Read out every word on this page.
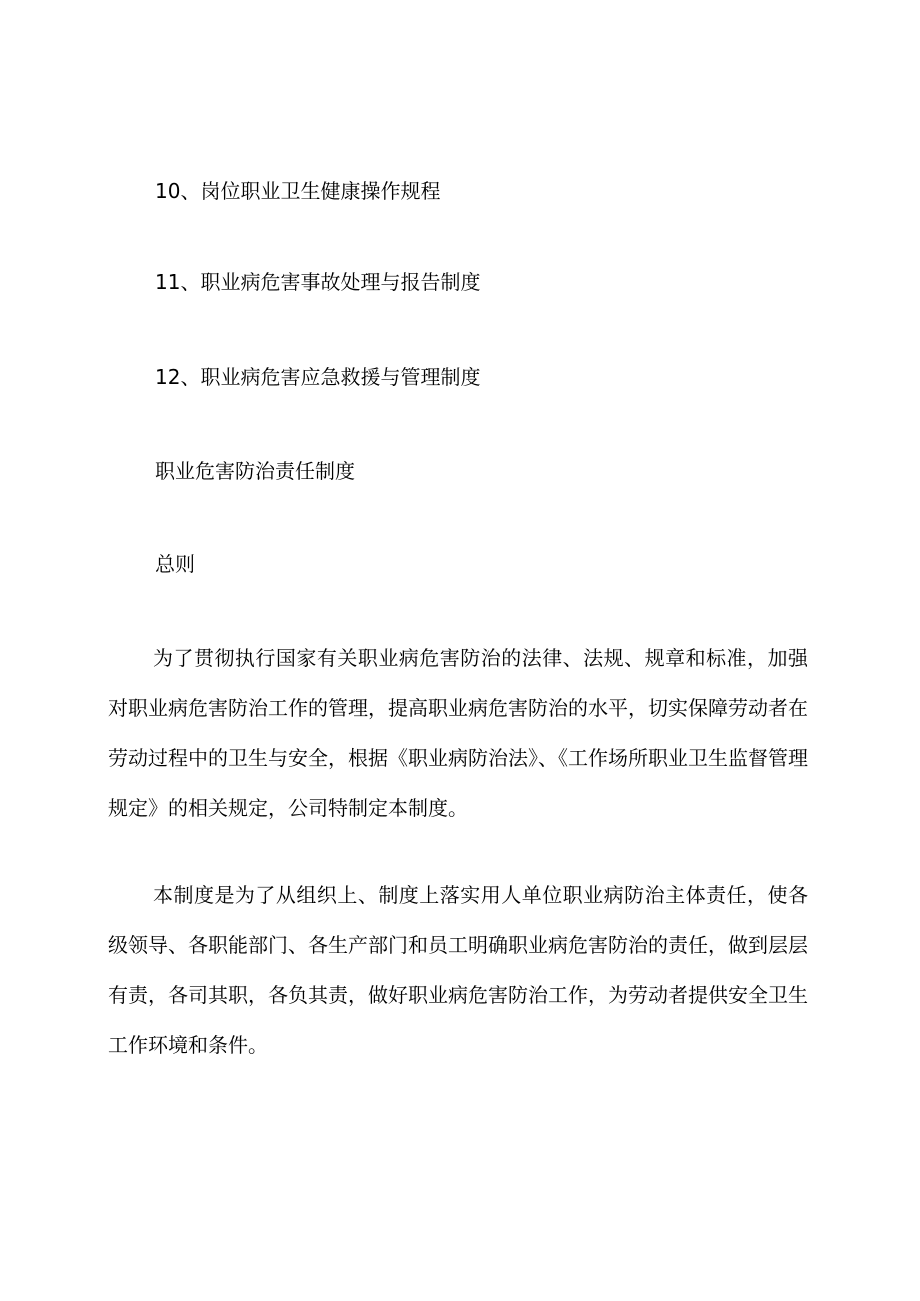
10、岗位职业卫生健康操作规程
11、职业病危害事故处理与报告制度
12、职业病危害应急救援与管理制度
职业危害防治责任制度
总则

为了贯彻执行国家有关职业病危害防治的法律、法规、规章和标准，加强对职业病危害防治工作的管理，提高职业病危害防治的水平，切实保障劳动者在劳动过程中的卫生与安全，根据《职业病防治法》、《工作场所职业卫生监督管理规定》的相关规定，公司特制定本制度。

本制度是为了从组织上、制度上落实用人单位职业病防治主体责任，使各级领导、各职能部门、各生产部门和员工明确职业病危害防治的责任，做到层层有责，各司其职，各负其责，做好职业病危害防治工作，为劳动者提供安全卫生工作环境和条件。
